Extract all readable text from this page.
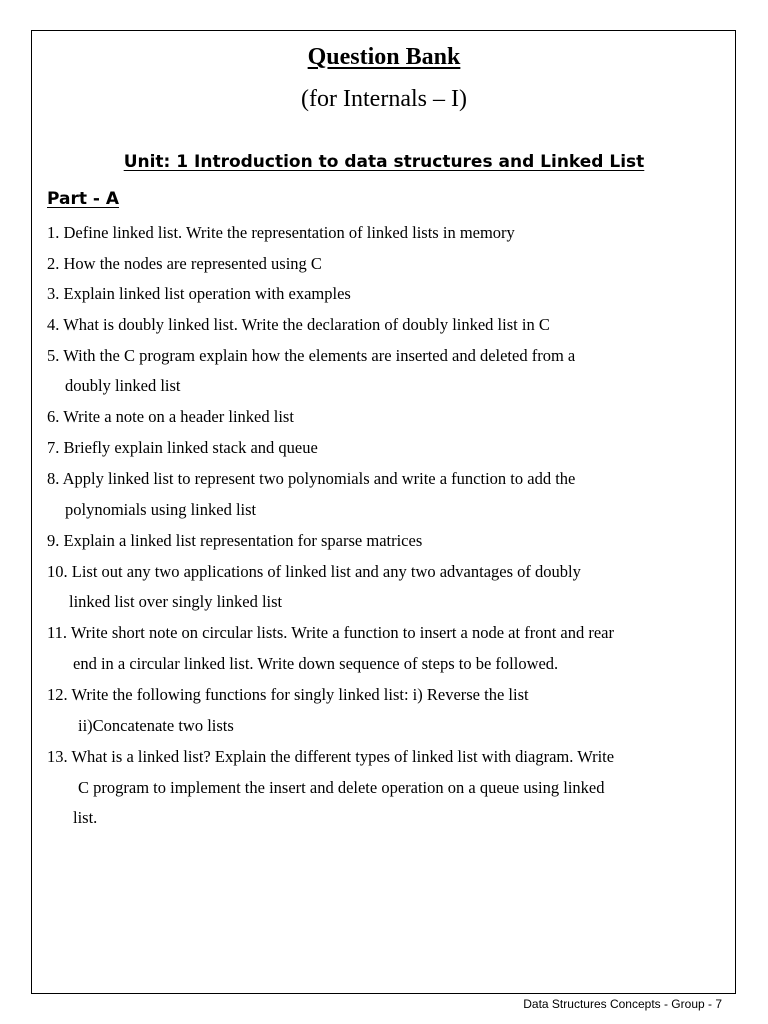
Question Bank
(for Internals – I)
Unit: 1 Introduction to data structures and Linked List
Part - A
1. Define linked list. Write the representation of linked lists in memory
2. How the nodes are represented using C
3. Explain linked list operation with examples
4. What is doubly linked list. Write the declaration of doubly linked list in C
5. With the C program explain how the elements are inserted and deleted from a
doubly linked list
6. Write a note on a header linked list
7. Briefly explain linked stack and queue
8. Apply linked list to represent two polynomials and write a function to add the
polynomials using linked list
9. Explain a linked list representation for sparse matrices
10. List out any two applications of linked list and any two advantages of doubly
linked list over singly linked list
11. Write short note on circular lists. Write a function to insert a node at front and rear
end in a circular linked list. Write down sequence of steps to be followed.
12. Write the following functions for singly linked list: i) Reverse the list
ii)Concatenate two lists
13. What is a linked list? Explain the different types of linked list with diagram. Write
C program to implement the insert and delete operation on a queue using linked
list.
Data Structures Concepts - Group - 7
